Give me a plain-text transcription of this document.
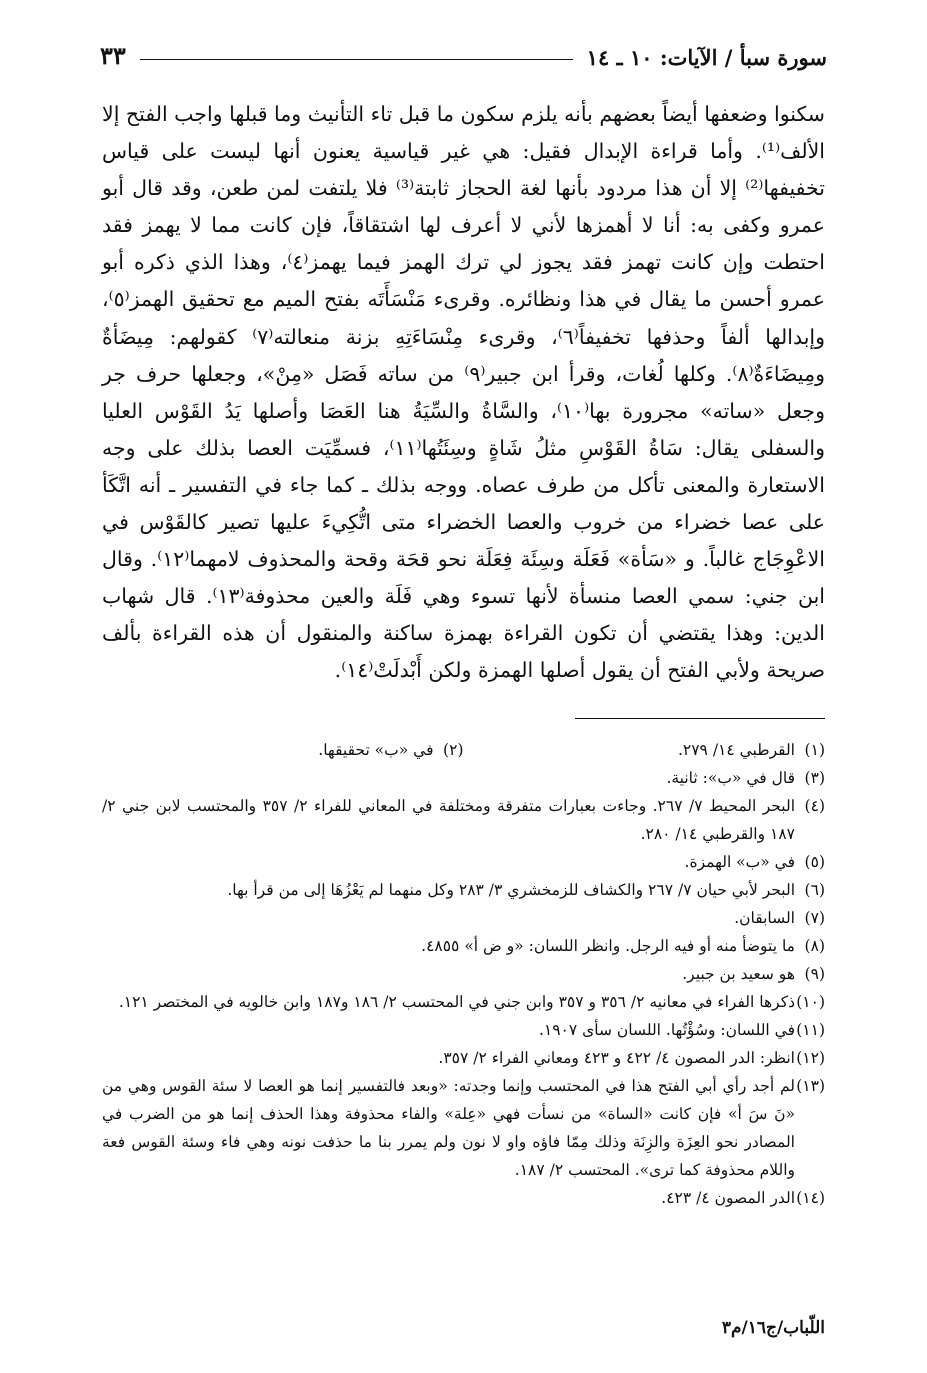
سورة سبأ / الآيات: ١٠ ـ ١٤
٣٣

سكنوا وضعفها أيضاً بعضهم بأنه يلزم سكون ما قبل تاء التأنيث وما قبلها واجب الفتح إلا الألف⁽¹⁾. وأما قراءة الإبدال فقيل: هي غير قياسية يعنون أنها ليست على قياس تخفيفها⁽²⁾ إلا أن هذا مردود بأنها لغة الحجاز ثابتة⁽³⁾ فلا يلتفت لمن طعن، وقد قال أبو عمرو وكفى به: أنا لا أهمزها لأني لا أعرف لها اشتقاقاً، فإن كانت مما لا يهمز فقد احتطت وإن كانت تهمز فقد يجوز لي ترك الهمز فيما يهمز⁽٤⁾، وهذا الذي ذكره أبو عمرو أحسن ما يقال في هذا ونظائره. وقرىء مَنْسَأَتَه بفتح الميم مع تحقيق الهمز⁽٥⁾، وإبدالها ألفاً وحذفها تخفيفاً⁽٦⁾، وقرىء مِنْسَاءَتِهِ بزنة منعالته⁽٧⁾ كقولهم: مِيضَأةٌ ومِيضَاءَةٌ⁽٨⁾. وكلها لُغات، وقرأ ابن جبير⁽٩⁾ من ساته فَصَل «مِنْ»، وجعلها حرف جر وجعل «ساته» مجرورة بها⁽١٠⁾، والسَّاةُ والسِّيَةُ هنا العَصَا وأصلها يَدُ القَوْس العليا والسفلى يقال: سَاةُ القَوْسِ مثلُ شَاةٍ وسِئَتُها⁽١١⁾، فسمِّيَت العصا بذلك على وجه الاستعارة والمعنى تأكل من طرف عصاه. ووجه بذلك ـ كما جاء في التفسير ـ أنه اتَّكَأ على عصا خضراء من خروب والعصا الخضراء متى اتُّكِيءَ عليها تصير كالقَوْس في الاعْوِجَاج غالباً. و «سَأة» فَعَلَة وسِئَة فِعَلَة نحو قحَة وقحة والمحذوف لامهما⁽١٢⁾. وقال ابن جني: سمي العصا منسأة لأنها تسوء وهي فَلَة والعين محذوفة⁽١٣⁾. قال شهاب الدين: وهذا يقتضي أن تكون القراءة بهمزة ساكنة والمنقول أن هذه القراءة بألف صريحة ولأبي الفتح أن يقول أصلها الهمزة ولكن أَبْدلَتْ⁽١٤⁾.

(١)
القرطبي ١٤/ ٢٧٩.
(٢)
في «ب» تحقيقها.
(٣)
قال في «ب»: ثانية.
(٤)
البحر المحيط ٧/ ٢٦٧. وجاءت بعبارات متفرقة ومختلفة في المعاني للفراء ٢/ ٣٥٧ والمحتسب لابن جني ٢/ ١٨٧ والقرطبي ١٤/ ٢٨٠.
(٥)
في «ب» الهمزة.
(٦)
البحر لأبي حيان ٧/ ٢٦٧ والكشاف للزمخشري ٣/ ٢٨٣ وكل منهما لم يَعْزُهَا إلى من قرأ بها.
(٧)
السابقان.
(٨)
ما يتوضأ منه أو فيه الرجل. وانظر اللسان: «و ض أ» ٤٨٥٥.
(٩)
هو سعيد بن جبير.
(١٠)
ذكرها الفراء في معانيه ٢/ ٣٥٦ و ٣٥٧ وابن جني في المحتسب ٢/ ١٨٦ و١٨٧ وابن خالويه في المختصر ١٢١.
(١١)
في اللسان: وسُؤْتُها. اللسان سأى ١٩٠٧.
(١٢)
انظر: الدر المصون ٤/ ٤٢٢ و ٤٢٣ ومعاني الفراء ٢/ ٣٥٧.
(١٣)
لم أجد رأي أبي الفتح هذا في المحتسب وإنما وجدته: «وبعد فالتفسير إنما هو العصا لا سئة القوس وهي من «نَ سَ أ» فإن كانت «الساة» من نسأت فهي «عِلة» والفاء محذوفة وهذا الحذف إنما هو من الضرب في المصادر نحو العِزَة والزِنَة وذلك مِمّا فاؤه واو لا نون ولم يمرر بنا ما حذفت نونه وهي فاء وسئة القوس فعة واللام محذوفة كما ترى». المحتسب ٢/ ١٨٧.
(١٤)
الدر المصون ٤/ ٤٢٣.
اللّباب/ج١٦/م٣
